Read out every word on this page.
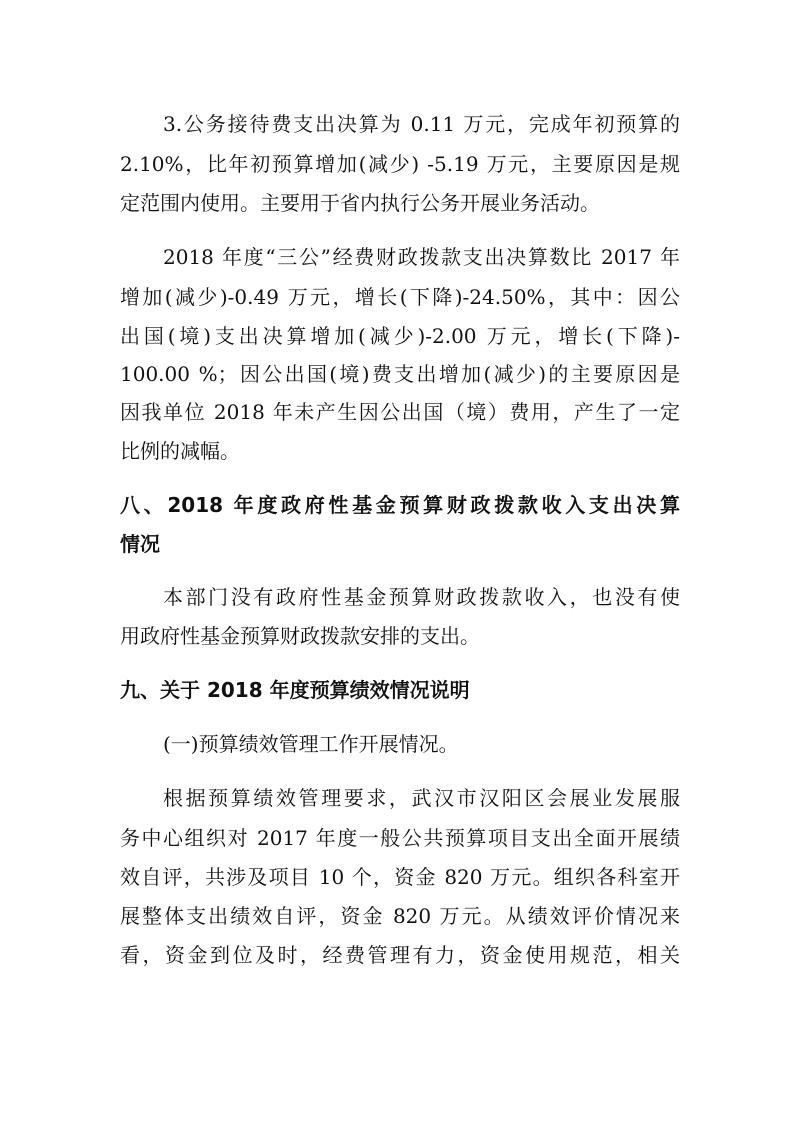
3.公务接待费支出决算为 0.11 万元，完成年初预算的

2.10%，比年初预算增加(减少) -5.19 万元，主要原因是规

定范围内使用。主要用于省内执行公务开展业务活动。

2018 年度“三公”经费财政拨款支出决算数比 2017 年

增加(减少)-0.49 万元，增长(下降)-24.50%，其中：因公

出国(境)支出决算增加(减少)-2.00 万元，增长(下降)-

100.00 %；因公出国(境)费支出增加(减少)的主要原因是

因我单位 2018 年未产生因公出国（境）费用，产生了一定

比例的减幅。

八、2018 年度政府性基金预算财政拨款收入支出决算

情况

本部门没有政府性基金预算财政拨款收入，也没有使

用政府性基金预算财政拨款安排的支出。

九、关于 2018 年度预算绩效情况说明

(一)预算绩效管理工作开展情况。

根据预算绩效管理要求，武汉市汉阳区会展业发展服

务中心组织对 2017 年度一般公共预算项目支出全面开展绩

效自评，共涉及项目 10 个，资金 820 万元。组织各科室开

展整体支出绩效自评，资金 820 万元。从绩效评价情况来

看，资金到位及时，经费管理有力，资金使用规范，相关
